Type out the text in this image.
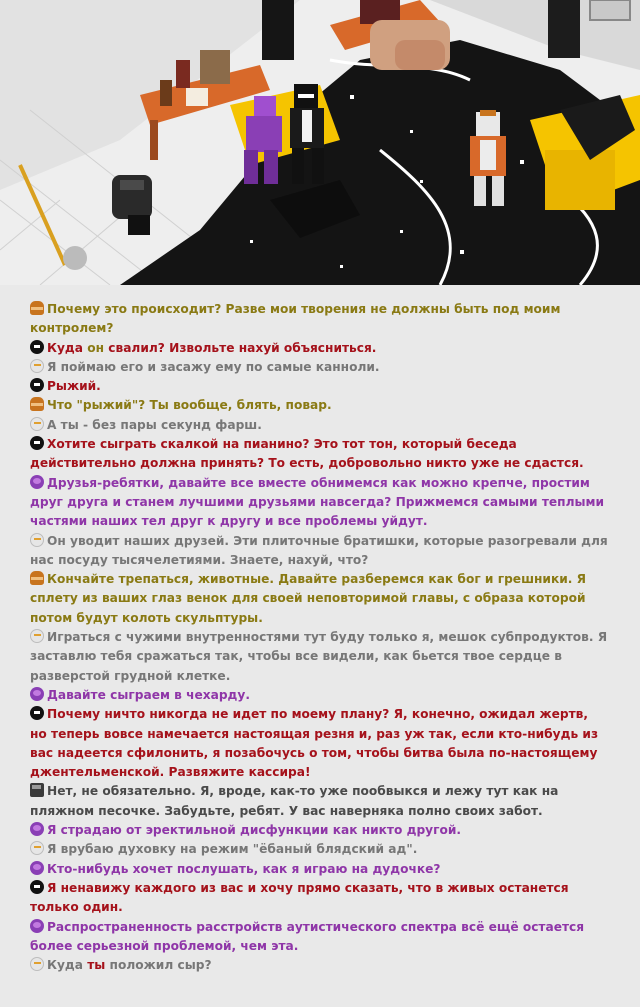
Почему это происходит? Разве мои творения не должны быть под моим контролем?

Куда он свалил? Извольте нахуй объясниться.

Я поймаю его и засажу ему по самые канноли.

Рыжий.

Что "рыжий"? Ты вообще, блять, повар.

А ты - без пары секунд фарш.

Хотите сыграть скалкой на пианино? Это тот тон, который беседа действительно должна принять? То есть, добровольно никто уже не сдастся.

Друзья-ребятки, давайте все вместе обнимемся как можно крепче, простим друг друга и станем лучшими друзьями навсегда? Прижмемся самыми теплыми частями наших тел друг к другу и все проблемы уйдут.

Он уводит наших друзей. Эти плиточные братишки, которые разогревали для нас посуду тысячелетиями. Знаете, нахуй, что?

Кончайте трепаться, животные. Давайте разберемся как бог и грешники. Я сплету из ваших глаз венок для своей неповторимой главы, с образа которой потом будут колоть скульптуры.

Играться с чужими внутренностями тут буду только я, мешок субпродуктов. Я заставлю тебя сражаться так, чтобы все видели, как бьется твое сердце в разверстой грудной клетке.

Давайте сыграем в чехарду.

Почему ничто никогда не идет по моему плану? Я, конечно, ожидал жертв, но теперь вовсе намечается настоящая резня и, раз уж так, если кто-нибудь из вас надеется сфилонить, я позабочусь о том, чтобы битва была по-настоящему джентельменской. Развяжите кассира!

Нет, не обязательно. Я, вроде, как-то уже пообвыкся и лежу тут как на пляжном песочке. Забудьте, ребят. У вас наверняка полно своих забот.

Я страдаю от эректильной дисфункции как никто другой.

Я врубаю духовку на режим "ёбаный блядский ад".

Кто-нибудь хочет послушать, как я играю на дудочке?

Я ненавижу каждого из вас и хочу прямо сказать, что в живых останется только один.

Распространенность расстройств аутистического спектра всё ещё остается более серьезной проблемой, чем эта.

Куда ты положил сыр?
